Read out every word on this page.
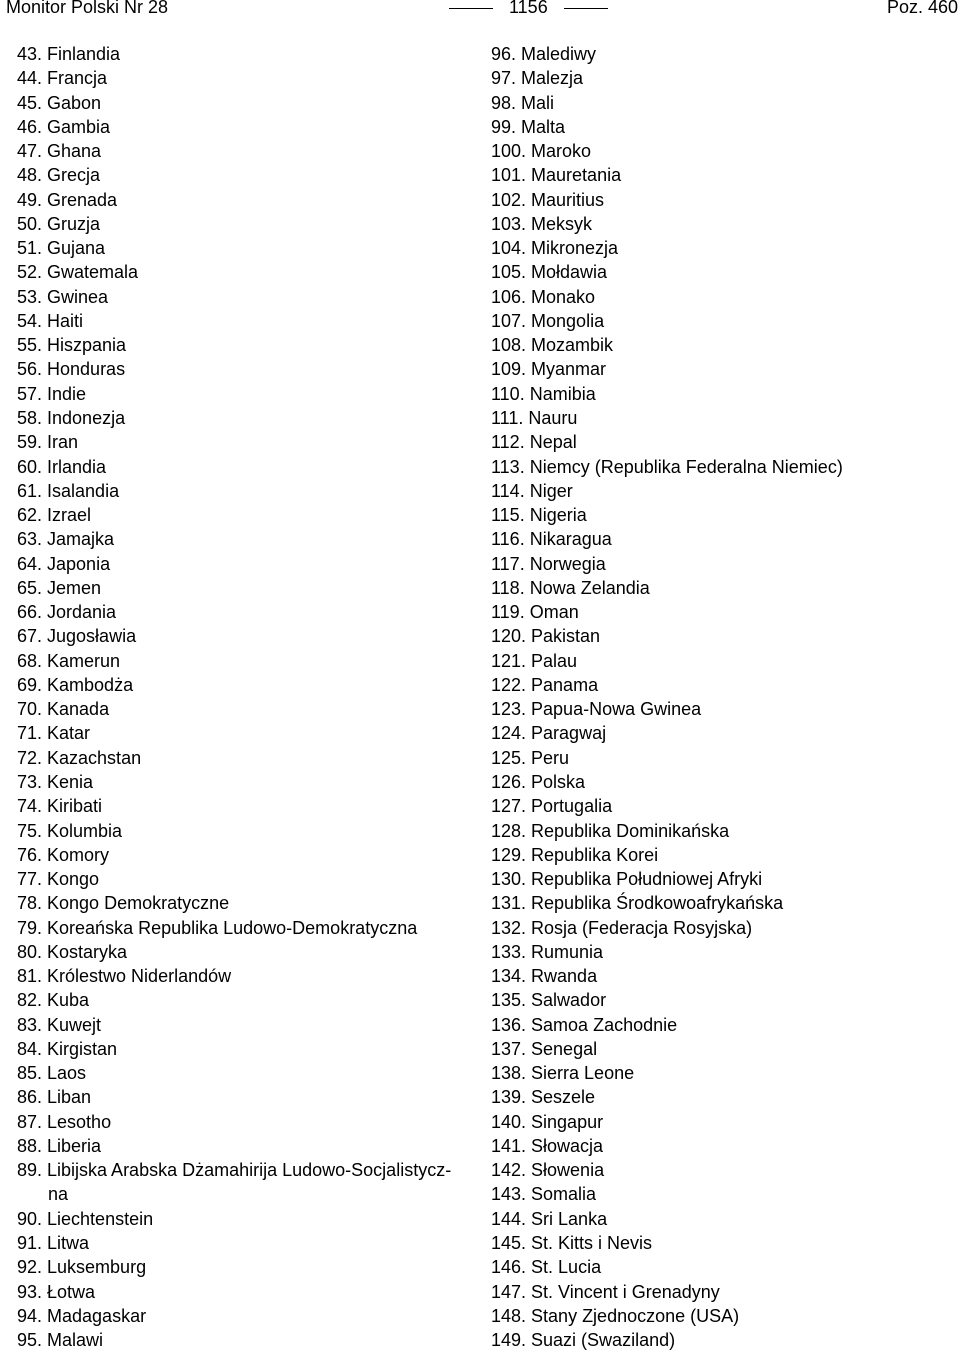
Monitor Polski Nr 28	1156	Poz. 460
43. Finlandia
44. Francja
45. Gabon
46. Gambia
47. Ghana
48. Grecja
49. Grenada
50. Gruzja
51. Gujana
52. Gwatemala
53. Gwinea
54. Haiti
55. Hiszpania
56. Honduras
57. Indie
58. Indonezja
59. Iran
60. Irlandia
61. Isalandia
62. Izrael
63. Jamajka
64. Japonia
65. Jemen
66. Jordania
67. Jugosławia
68. Kamerun
69. Kambodża
70. Kanada
71. Katar
72. Kazachstan
73. Kenia
74. Kiribati
75. Kolumbia
76. Komory
77. Kongo
78. Kongo Demokratyczne
79. Koreańska Republika Ludowo-Demokratyczna
80. Kostaryka
81. Królestwo Niderlandów
82. Kuba
83. Kuwejt
84. Kirgistan
85. Laos
86. Liban
87. Lesotho
88. Liberia
89. Libijska Arabska Dżamahirija Ludowo-Socjalistycz-
na
90. Liechtenstein
91. Litwa
92. Luksemburg
93. Łotwa
94. Madagaskar
95. Malawi
96. Malediwy
97. Malezja
98. Mali
99. Malta
100. Maroko
101. Mauretania
102. Mauritius
103. Meksyk
104. Mikronezja
105. Mołdawia
106. Monako
107. Mongolia
108. Mozambik
109. Myanmar
110. Namibia
111. Nauru
112. Nepal
113. Niemcy (Republika Federalna Niemiec)
114. Niger
115. Nigeria
116. Nikaragua
117. Norwegia
118. Nowa Zelandia
119. Oman
120. Pakistan
121. Palau
122. Panama
123. Papua-Nowa Gwinea
124. Paragwaj
125. Peru
126. Polska
127. Portugalia
128. Republika Dominikańska
129. Republika Korei
130. Republika Południowej Afryki
131. Republika Środkowoafrykańska
132. Rosja (Federacja Rosyjska)
133. Rumunia
134. Rwanda
135. Salwador
136. Samoa Zachodnie
137. Senegal
138. Sierra Leone
139. Seszele
140. Singapur
141. Słowacja
142. Słowenia
143. Somalia
144. Sri Lanka
145. St. Kitts i Nevis
146. St. Lucia
147. St. Vincent i Grenadyny
148. Stany Zjednoczone (USA)
149. Suazi (Swaziland)
